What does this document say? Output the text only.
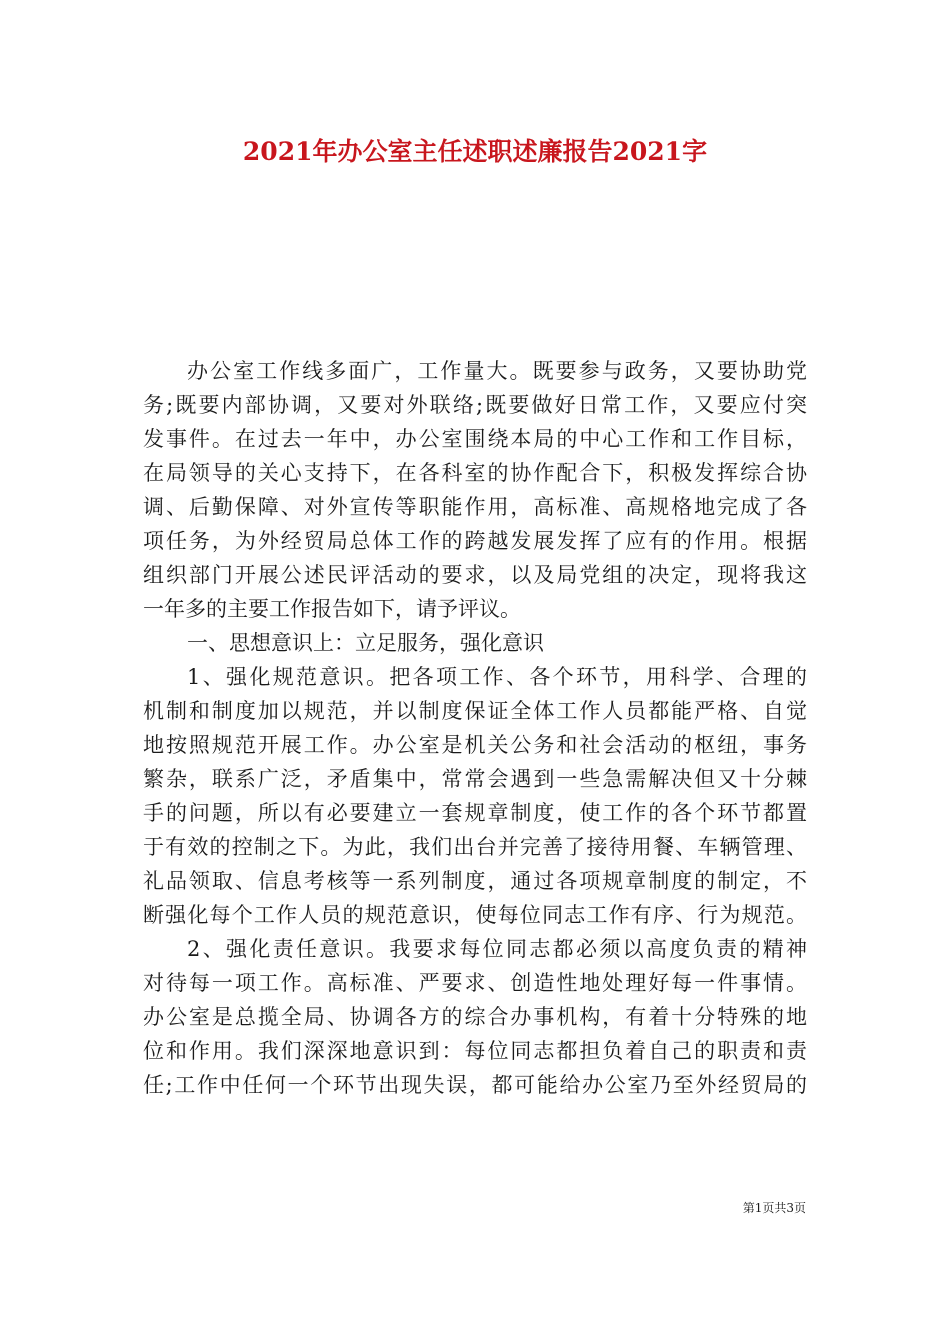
2021年办公室主任述职述廉报告2021字
办公室工作线多面广，工作量大。既要参与政务，又要协助党
务;既要内部协调，又要对外联络;既要做好日常工作，又要应付突
发事件。在过去一年中，办公室围绕本局的中心工作和工作目标，
在局领导的关心支持下，在各科室的协作配合下，积极发挥综合协
调、后勤保障、对外宣传等职能作用，高标准、高规格地完成了各
项任务，为外经贸局总体工作的跨越发展发挥了应有的作用。根据
组织部门开展公述民评活动的要求，以及局党组的决定，现将我这
一年多的主要工作报告如下，请予评议。
一、思想意识上：立足服务，强化意识
1、强化规范意识。把各项工作、各个环节，用科学、合理的
机制和制度加以规范，并以制度保证全体工作人员都能严格、自觉
地按照规范开展工作。办公室是机关公务和社会活动的枢纽，事务
繁杂，联系广泛，矛盾集中，常常会遇到一些急需解决但又十分棘
手的问题，所以有必要建立一套规章制度，使工作的各个环节都置
于有效的控制之下。为此，我们出台并完善了接待用餐、车辆管理、
礼品领取、信息考核等一系列制度，通过各项规章制度的制定，不
断强化每个工作人员的规范意识，使每位同志工作有序、行为规范。
2、强化责任意识。我要求每位同志都必须以高度负责的精神
对待每一项工作。高标准、严要求、创造性地处理好每一件事情。
办公室是总揽全局、协调各方的综合办事机构，有着十分特殊的地
位和作用。我们深深地意识到：每位同志都担负着自己的职责和责
任;工作中任何一个环节出现失误，都可能给办公室乃至外经贸局的
第1页共3页
